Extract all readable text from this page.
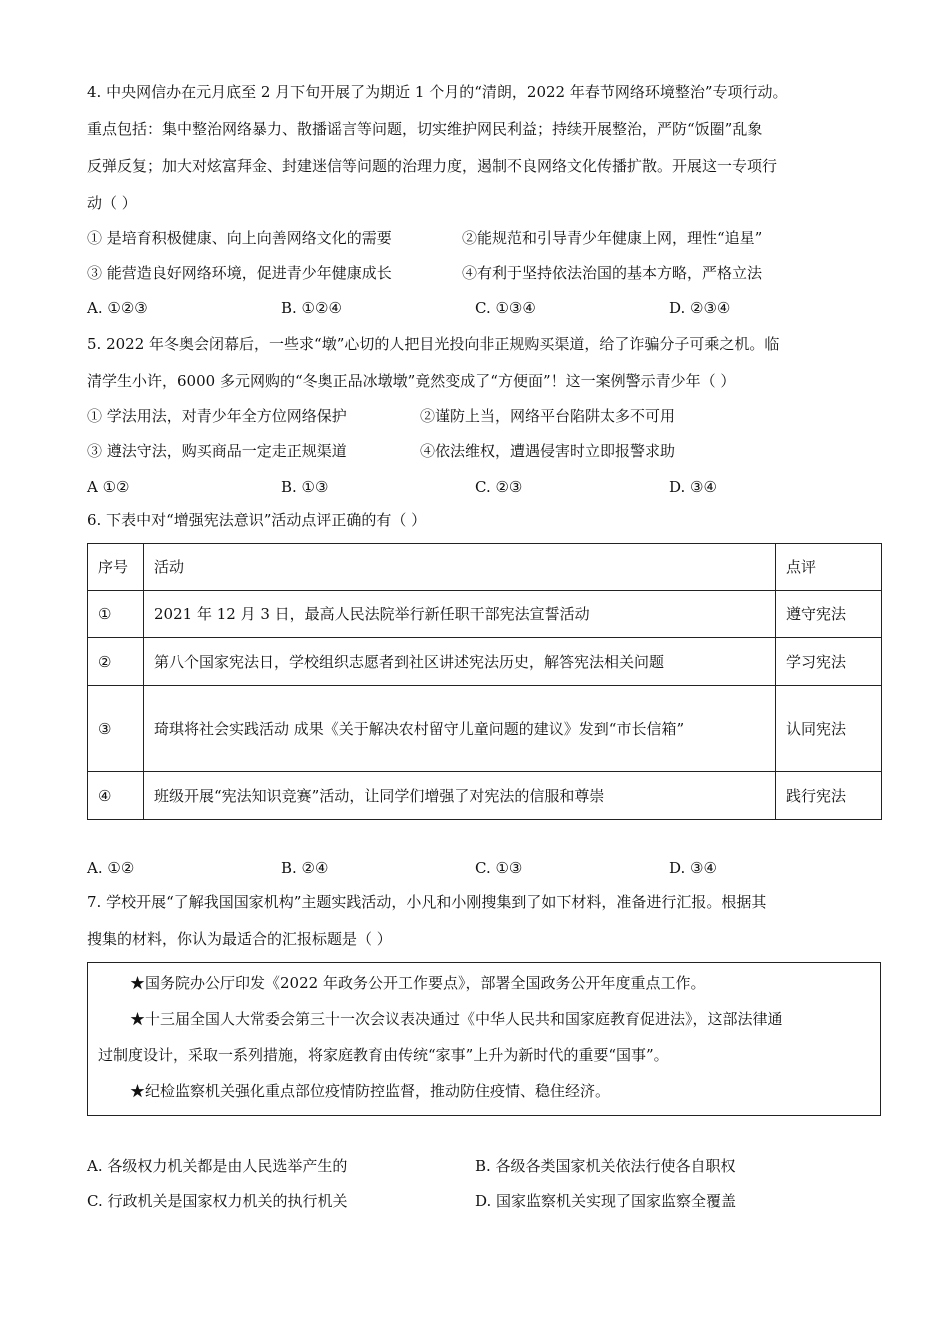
4. 中央网信办在元月底至 2 月下旬开展了为期近 1 个月的“清朗，2022 年春节网络环境整治”专项行动。
重点包括：集中整治网络暴力、散播谣言等问题，切实维护网民利益；持续开展整治，严防“饭圈”乱象
反弹反复；加大对炫富拜金、封建迷信等问题的治理力度，遏制不良网络文化传播扩散。开展这一专项行
动（ ）
① 是培育积极健康、向上向善网络文化的需要	②能规范和引导青少年健康上网，理性“追星”
③ 能营造良好网络环境，促进青少年健康成长	④有利于坚持依法治国的基本方略，严格立法
A. ①②③	B. ①②④	C. ①③④	D. ②③④
5. 2022 年冬奥会闭幕后，一些求“墩”心切的人把目光投向非正规购买渠道，给了诈骗分子可乘之机。临
清学生小许，6000 多元网购的“冬奥正品冰墩墩”竟然变成了“方便面”！这一案例警示青少年（ ）
① 学法用法，对青少年全方位网络保护	②谨防上当，网络平台陷阱太多不可用
③ 遵法守法，购买商品一定走正规渠道	④依法维权，遭遇侵害时立即报警求助
A ①②	B. ①③	C. ②③	D. ③④
6. 下表中对“增强宪法意识”活动点评正确的有（ ）
序号	活动	点评
①	2021 年 12 月 3 日，最高人民法院举行新任职干部宪法宣誓活动	遵守宪法
②	第八个国家宪法日，学校组织志愿者到社区讲述宪法历史，解答宪法相关问题	学习宪法
③	琦琪将社会实践活动 成果《关于解决农村留守儿童问题的建议》发到“市长信箱”	认同宪法
④	班级开展“宪法知识竞赛”活动，让同学们增强了对宪法的信服和尊崇	践行宪法
A. ①②	B. ②④	C. ①③	D. ③④
7. 学校开展“了解我国国家机构”主题实践活动，小凡和小刚搜集到了如下材料，准备进行汇报。根据其
搜集的材料，你认为最适合的汇报标题是（ ）
★国务院办公厅印发《2022 年政务公开工作要点》，部署全国政务公开年度重点工作。
★十三届全国人大常委会第三十一次会议表决通过《中华人民共和国家庭教育促进法》，这部法律通
过制度设计，采取一系列措施，将家庭教育由传统“家事”上升为新时代的重要“国事”。
★纪检监察机关强化重点部位疫情防控监督，推动防住疫情、稳住经济。
A. 各级权力机关都是由人民选举产生的	B. 各级各类国家机关依法行使各自职权
C. 行政机关是国家权力机关的执行机关	D. 国家监察机关实现了国家监察全覆盖
